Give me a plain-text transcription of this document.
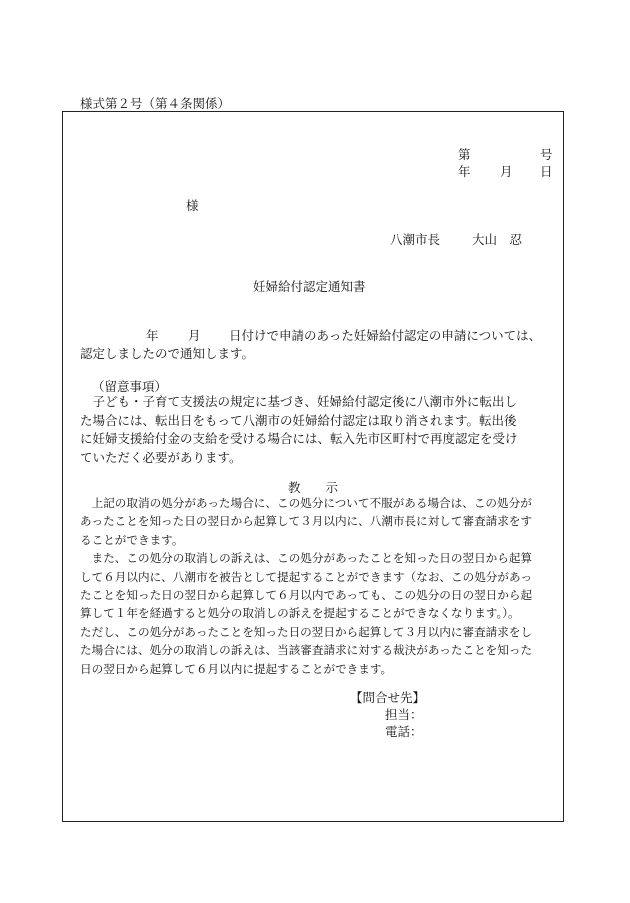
様式第２号（第４条関係）
第	号
年 月 日
様
八潮市長	大山　忍
妊婦給付認定通知書
年 月 日付けで申請のあった妊婦給付認定の申請については、
認定しましたので通知します。
（留意事項）
　子ども・子育て支援法の規定に基づき、妊婦給付認定後に八潮市外に転出し
た場合には、転出日をもって八潮市の妊婦給付認定は取り消されます。転出後
に妊婦支援給付金の支給を受ける場合には、転入先市区町村で再度認定を受け
ていただく必要があります。
教　　示
　上記の取消の処分があった場合に、この処分について不服がある場合は、この処分が
あったことを知った日の翌日から起算して３月以内に、八潮市長に対して審査請求をす
ることができます。
　また、この処分の取消しの訴えは、この処分があったことを知った日の翌日から起算
して６月以内に、八潮市を被告として提起することができます（なお、この処分があっ
たことを知った日の翌日から起算して６月以内であっても、この処分の日の翌日から起
算して１年を経過すると処分の取消しの訴えを提起することができなくなります。）。
ただし、この処分があったことを知った日の翌日から起算して３月以内に審査請求をし
た場合には、処分の取消しの訴えは、当該審査請求に対する裁決があったことを知った
日の翌日から起算して６月以内に提起することができます。
【問合せ先】
担当：
電話：
